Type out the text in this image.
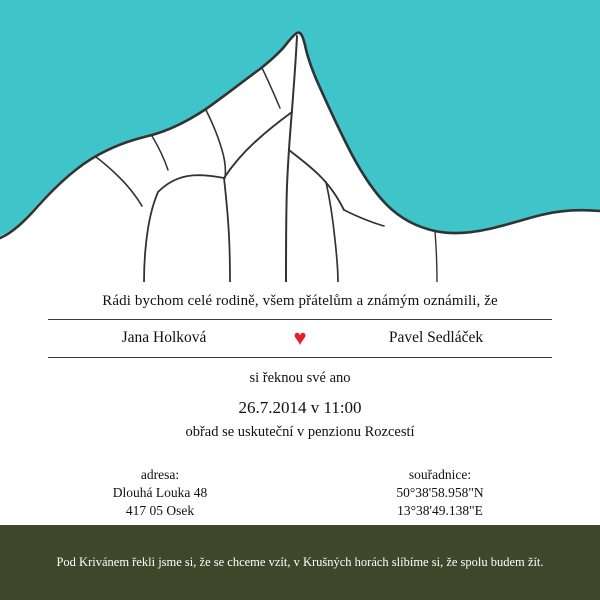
Rádi bychom celé rodině, všem přátelům a známým oznámili, že
Jana Holková	♥	Pavel Sedláček
si řeknou své ano
26.7.2014 v 11:00
obřad se uskuteční v penzionu Rozcestí
adresa:
Dlouhá Louka 48
417 05 Osek
souřadnice:
50°38'58.958"N
13°38'49.138"E
Pod Krivánem řekli jsme si, že se chceme vzít, v Krušných horách slíbíme si, že spolu budem žít.
